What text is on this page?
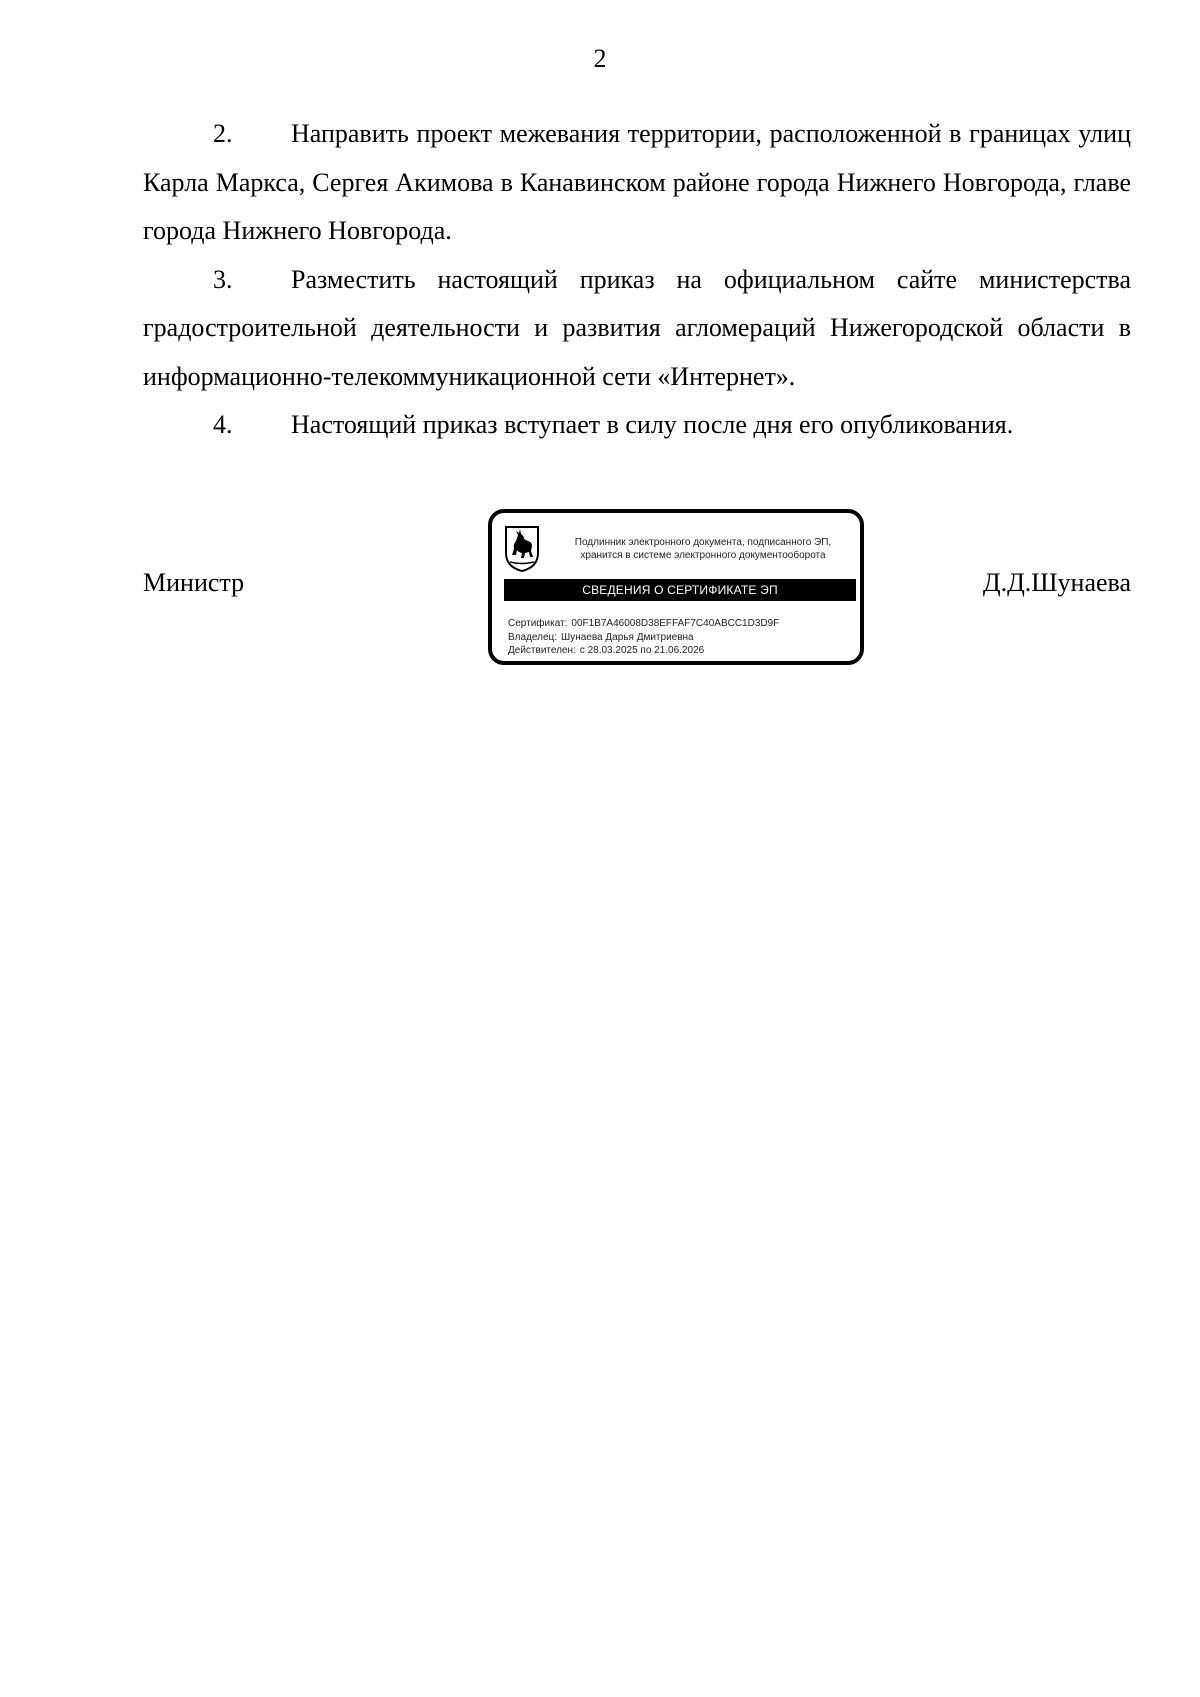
2

2. Направить проект межевания территории, расположенной в границах улиц Карла Маркса, Сергея Акимова в Канавинском районе города Нижнего Новгорода, главе города Нижнего Новгорода.

3. Разместить настоящий приказ на официальном сайте министерства градостроительной деятельности и развития агломераций Нижегородской области в информационно-телекоммуникационной сети «Интернет».

4. Настоящий приказ вступает в силу после дня его опубликования.

Министр	Д.Д.Шунаева
Подлинник электронного документа, подписанного ЭП,
хранится в системе электронного документооборота
СВЕДЕНИЯ О СЕРТИФИКАТЕ ЭП
Сертификат: 00F1B7A46008D38EFFAF7C40ABCC1D3D9F
Владелец: Шунаева Дарья Дмитриевна
Действителен: с 28.03.2025 по 21.06.2026
